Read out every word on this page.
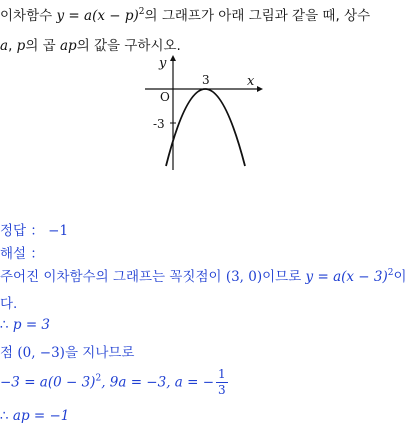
이차함수 $y = a(x - p)^2$의 그래프가 아래 그림과 같을 때, 상수
a, p의 곱 ap의 값을 구하시오.
y
x
O
3
-3
정답 ： −1
해설 ：
주어진 이차함수의 그래프는 꼭짓점이 (3, 0)이므로 $y = a(x - 3)^2$이
다.
∴ p = 3
점 (0, −3)을 지나므로
$-3 = a(0 - 3)^2$, 9a = −3, a = − $\frac{1}{3}$
∴ ap = −1
